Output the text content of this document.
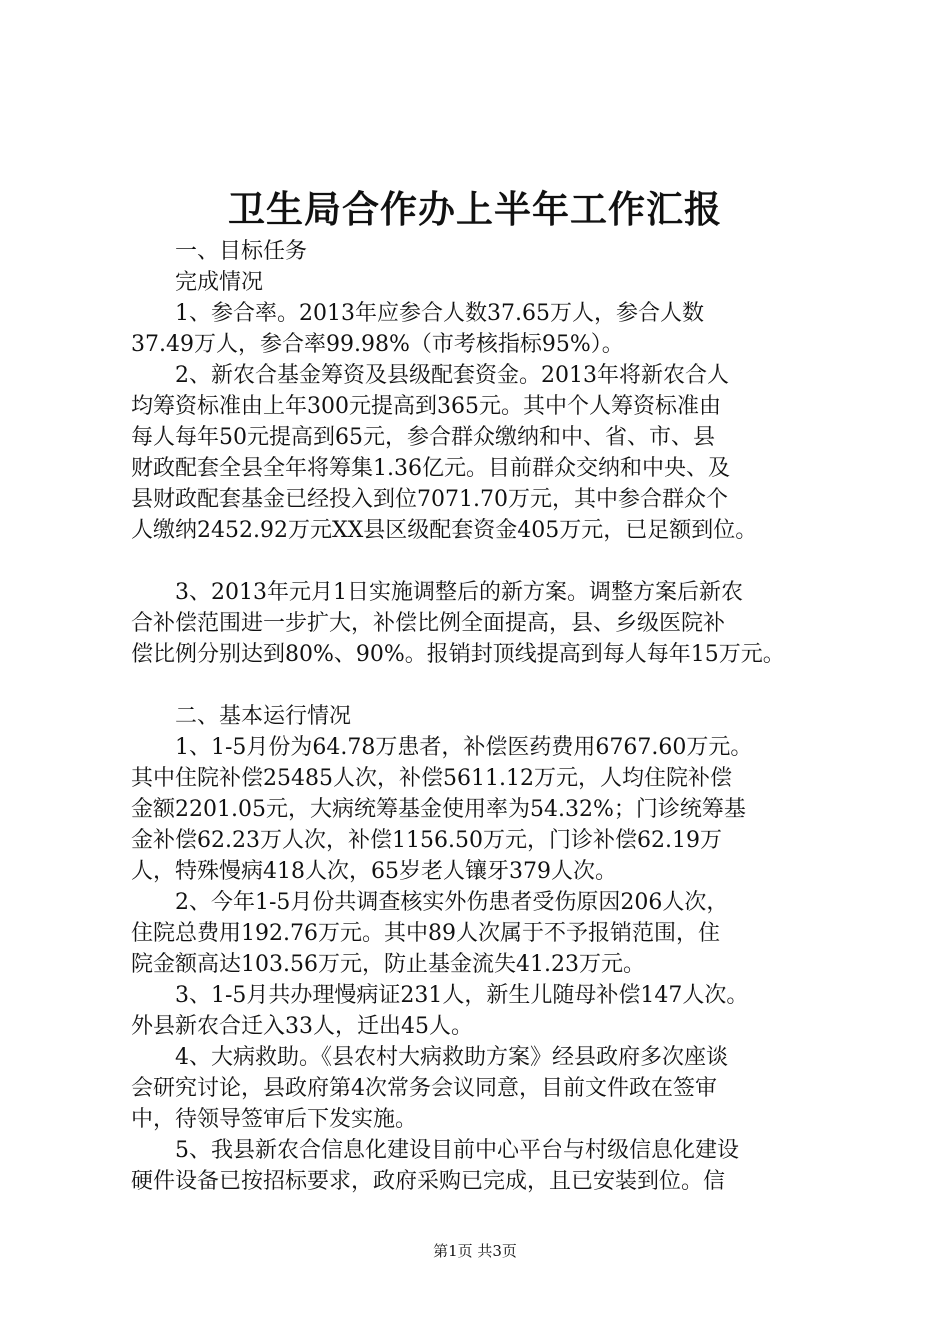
卫生局合作办上半年工作汇报

　　一、目标任务

　　完成情况

　　1、参合率。2013年应参合人数37.65万人，参合人数

37.49万人，参合率99.98%（市考核指标95%）。

　　2、新农合基金筹资及县级配套资金。2013年将新农合人

均筹资标准由上年300元提高到365元。其中个人筹资标准由

每人每年50元提高到65元，参合群众缴纳和中、省、市、县

财政配套全县全年将筹集1.36亿元。目前群众交纳和中央、及

县财政配套基金已经投入到位7071.70万元，其中参合群众个

人缴纳2452.92万元XX县区级配套资金405万元，已足额到位。

　　3、2013年元月1日实施调整后的新方案。调整方案后新农

合补偿范围进一步扩大，补偿比例全面提高，县、乡级医院补

偿比例分别达到80%、90%。报销封顶线提高到每人每年15万元。

　　二、基本运行情况

　　1、1-5月份为64.78万患者，补偿医药费用6767.60万元。

其中住院补偿25485人次，补偿5611.12万元，人均住院补偿

金额2201.05元，大病统筹基金使用率为54.32%；门诊统筹基

金补偿62.23万人次，补偿1156.50万元，门诊补偿62.19万

人，特殊慢病418人次，65岁老人镶牙379人次。

　　2、今年1-5月份共调查核实外伤患者受伤原因206人次，

住院总费用192.76万元。其中89人次属于不予报销范围，住

院金额高达103.56万元，防止基金流失41.23万元。

　　3、1-5月共办理慢病证231人，新生儿随母补偿147人次。

外县新农合迁入33人，迁出45人。

　　4、大病救助。《县农村大病救助方案》经县政府多次座谈

会研究讨论，县政府第4次常务会议同意，目前文件政在签审

中，待领导签审后下发实施。

　　5、我县新农合信息化建设目前中心平台与村级信息化建设

硬件设备已按招标要求，政府采购已完成，且已安装到位。信

第1页 共3页
